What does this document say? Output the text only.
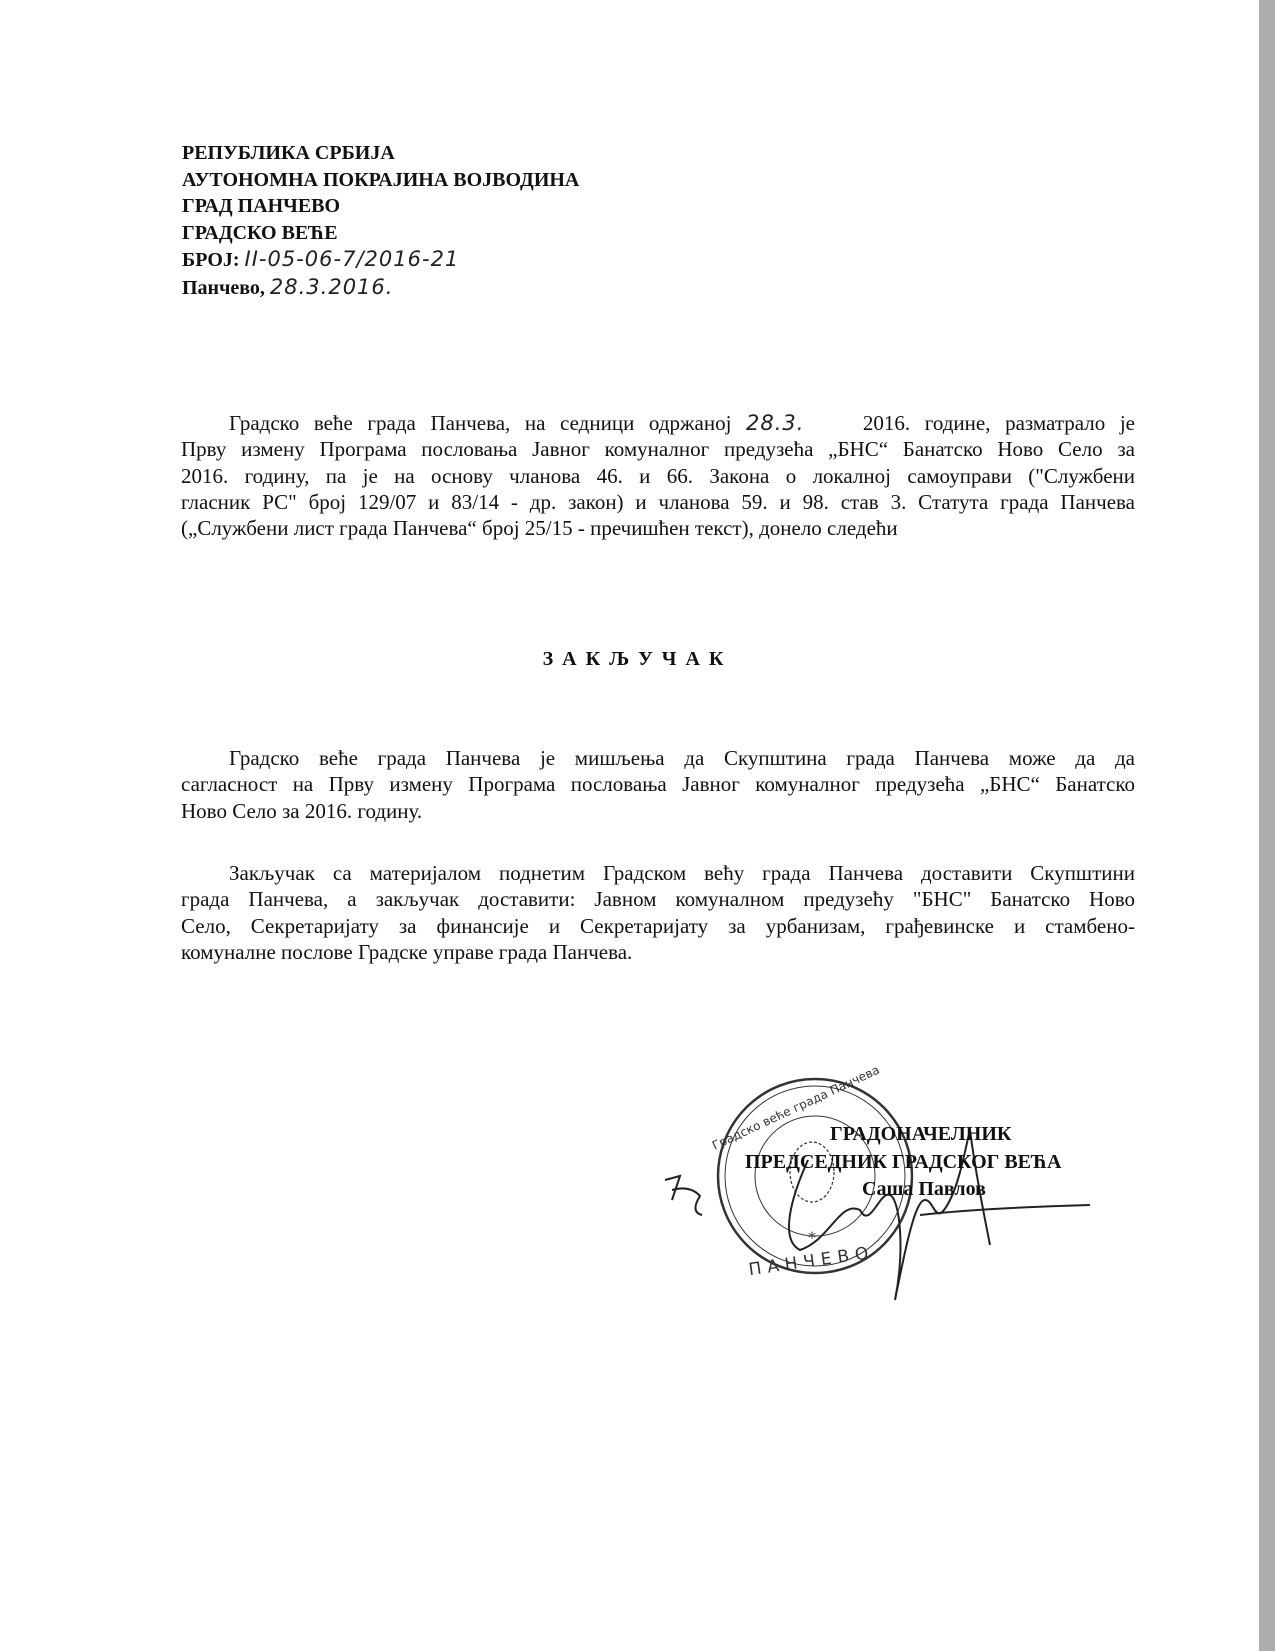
РЕПУБЛИКА СРБИЈА
АУТОНОМНА ПОКРАЈИНА ВОЈВОДИНА
ГРАД ПАНЧЕВО
ГРАДСКО ВЕЋЕ
БРОЈ: II-05-06-7/2016-21
Панчево, 28.3.2016.
Градско веће града Панчева, на седници одржаној 28.3.	2016. године, разматрало је
Прву измену Програма пословања Јавног комуналног предузећа „БНС“ Банатско Ново Село за
2016. годину, па је на основу чланова 46. и 66. Закона о локалној самоуправи ("Службени
гласник РС" број 129/07 и 83/14 - др. закон) и чланова 59. и 98. став 3. Статута града Панчева
(„Службени лист града Панчева“ број 25/15 - пречишћен текст), донело следећи
ЗАКЉУЧАК
Градско веће града Панчева је мишљења да Скупштина града Панчева може да да
сагласност на Прву измену Програма пословања Јавног комуналног предузећа „БНС“ Банатско
Ново Село за 2016. годину.
Закључак са материјалом поднетим Градском већу града Панчева доставити Скупштини
града Панчева, а закључак доставити: Јавном комуналном предузећу "БНС" Банатско Ново
Село, Секретаријату за финансије и Секретаријату за урбанизам, грађевинске и стамбено-
комуналне послове Градске управе града Панчева.
*
ПАНЧЕВО
Градско веће града Панчева
ГРАДОНАЧЕЛНИК
ПРЕДСЕДНИК ГРАДСКОГ ВЕЋА
Саша Павлов
